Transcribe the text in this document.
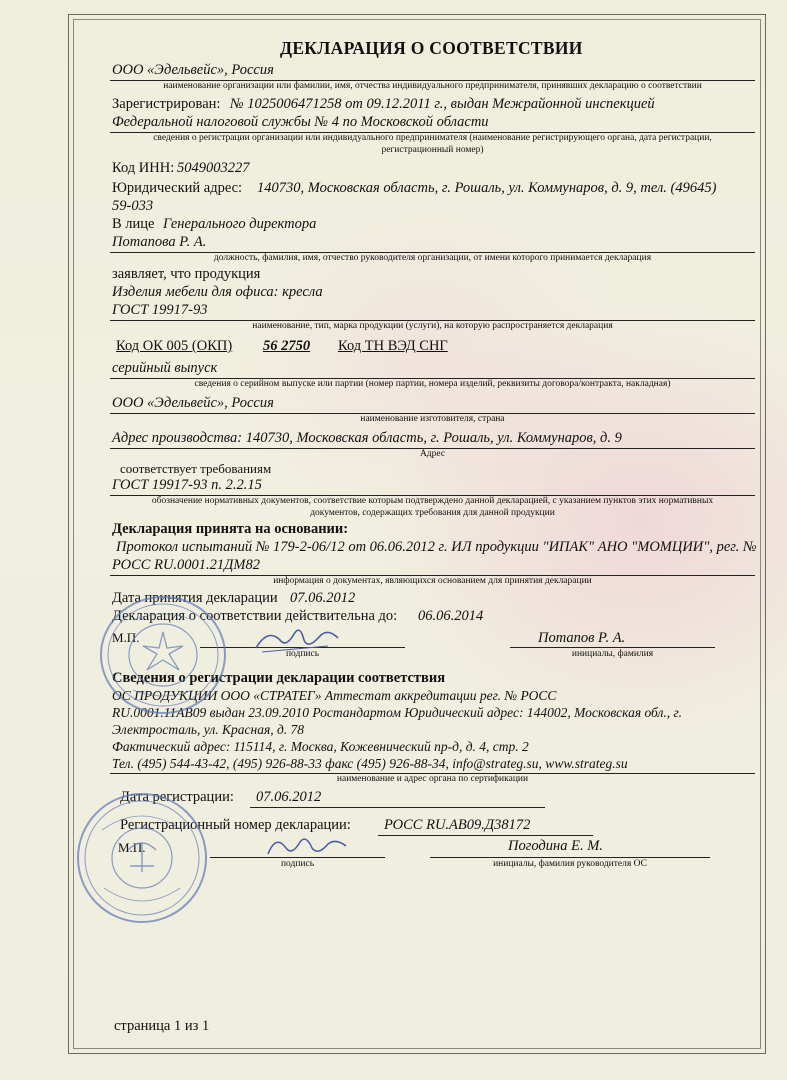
ДЕКЛАРАЦИЯ О СООТВЕТСТВИИ
ООО «Эдельвейс», Россия
наименование организации или фамилии, имя, отчества индивидуального предпринимателя, принявших декларацию о соответствии
Зарегистрирован: № 1025006471258 от 09.12.2011 г., выдан Межрайонной инспекцией
Федеральной налоговой службы № 4 по Московской области
сведения о регистрации организации или индивидуального предпринимателя (наименование регистрирующего органа, дата регистрации,
регистрационный номер)
Код ИНН: 5049003227
Юридический адрес: 140730, Московская область, г. Рошаль, ул. Коммунаров, д. 9, тел. (49645)
59-033
В лице Генерального директора
Потапова Р. А.
должность, фамилия, имя, отчество руководителя организации, от имени которого принимается декларация
заявляет, что продукция
Изделия мебели для офиса: кресла
ГОСТ 19917-93
наименование, тип, марка продукции (услуги), на которую распространяется декларация
Код ОК 005 (ОКП) 56 2750 Код ТН ВЭД СНГ
серийный выпуск
сведения о серийном выпуске или партии (номер партии, номера изделий, реквизиты договора/контракта, накладная)
ООО «Эдельвейс», Россия
наименование изготовителя, страна
Адрес производства: 140730, Московская область, г. Рошаль, ул. Коммунаров, д. 9
Адрес
соответствует требованиям
ГОСТ 19917-93 п. 2.2.15
обозначение нормативных документов, соответствие которым подтверждено данной декларацией, с указанием пунктов этих нормативных
документов, содержащих требования для данной продукции
Декларация принята на основании:
Протокол испытаний № 179-2-06/12 от 06.06.2012 г. ИЛ продукции "ИПАК" АНО "МОМЦИИ", рег. №
РОСС RU.0001.21ДМ82
информация о документах, являющихся основанием для принятия декларации
Дата принятия декларации 07.06.2012
Декларация о соответствии действительна до: 06.06.2014
М.П.
подпись
Потапов Р. А.
инициалы, фамилия
Сведения о регистрации декларации соответствия
ОС ПРОДУКЦИИ ООО «СТРАТЕГ» Аттестат аккредитации рег. № РОСС
RU.0001.11АВ09 выдан 23.09.2010 Ростандартом Юридический адрес: 144002, Московская обл., г.
Электросталь, ул. Красная, д. 78
Фактический адрес: 115114, г. Москва, Кожевнический пр-д, д. 4, стр. 2
Тел. (495) 544-43-42, (495) 926-88-33 факс (495) 926-88-34, info@strateg.su, www.strateg.su
наименование и адрес органа по сертификации
Дата регистрации: 07.06.2012
Регистрационный номер декларации: РОСС RU.АВ09.Д38172
М.П.
подпись
Погодина Е. М.
инициалы, фамилия руководителя ОС
страница 1 из 1
